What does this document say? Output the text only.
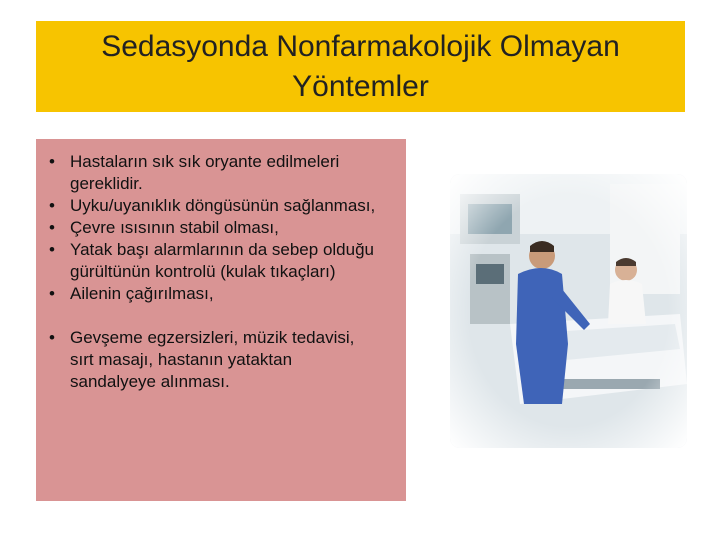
Sedasyonda Nonfarmakolojik Olmayan
Yöntemler
• Hastaların sık sık oryante edilmeleri gereklidir.
• Uyku/uyanıklık döngüsünün sağlanması,
• Çevre ısısının stabil olması,
• Yatak başı alarmlarının da sebep olduğu gürültünün kontrolü (kulak tıkaçları)
• Ailenin çağırılması,
• Gevşeme egzersizleri, müzik tedavisi, sırt masajı, hastanın yataktan sandalyeye alınması.
